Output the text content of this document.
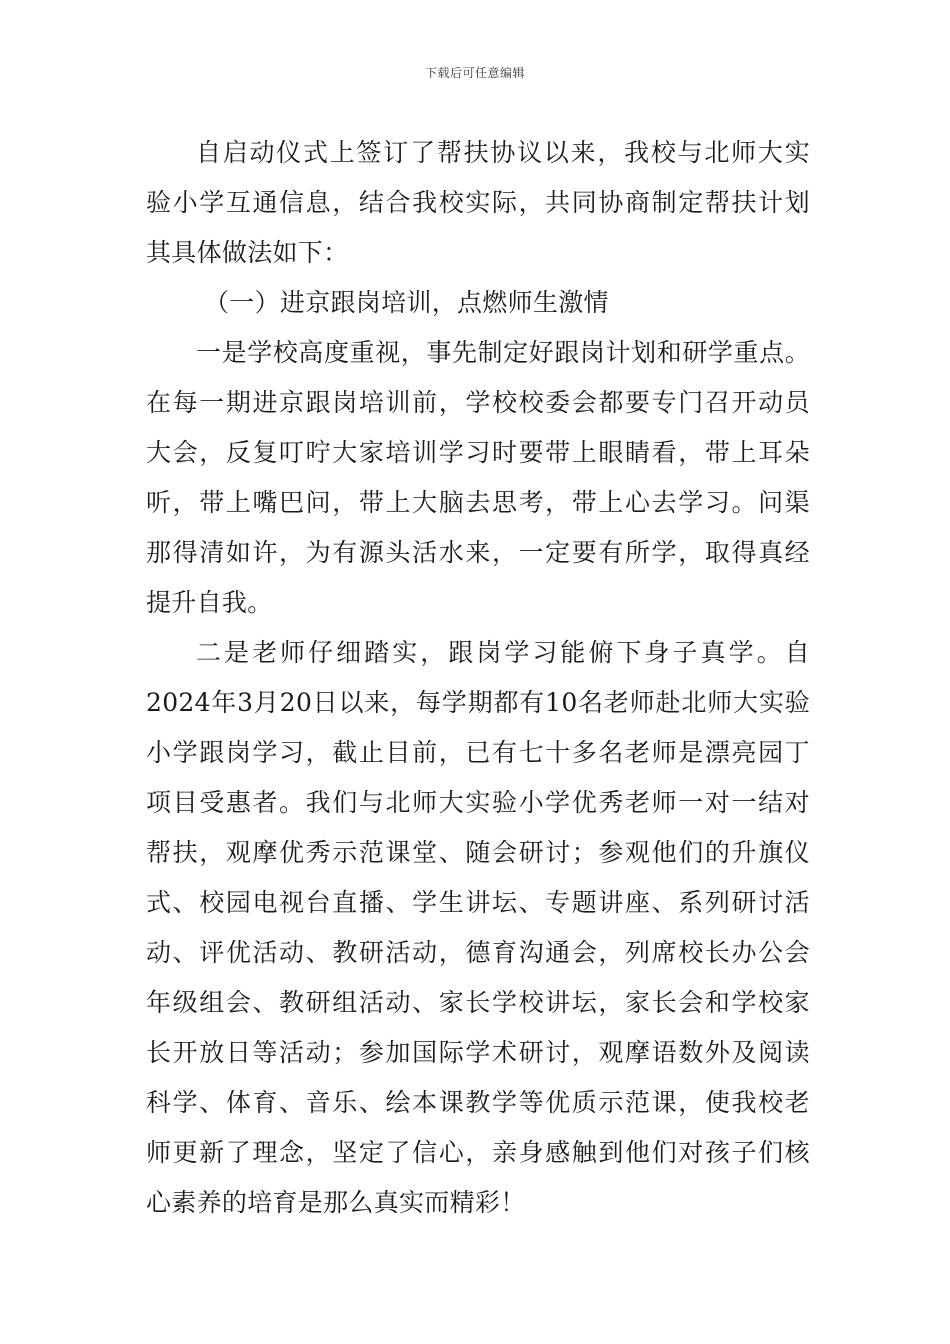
下载后可任意编辑
自启动仪式上签订了帮扶协议以来，我校与北师大实
验小学互通信息，结合我校实际，共同协商制定帮扶计划
其具体做法如下：
（一）进京跟岗培训，点燃师生激情
一是学校高度重视，事先制定好跟岗计划和研学重点。
在每一期进京跟岗培训前，学校校委会都要专门召开动员
大会，反复叮咛大家培训学习时要带上眼睛看，带上耳朵
听，带上嘴巴问，带上大脑去思考，带上心去学习。问渠
那得清如许，为有源头活水来，一定要有所学，取得真经
提升自我。
二是老师仔细踏实，跟岗学习能俯下身子真学。自
2024年3月20日以来，每学期都有10名老师赴北师大实验
小学跟岗学习，截止目前，已有七十多名老师是漂亮园丁
项目受惠者。我们与北师大实验小学优秀老师一对一结对
帮扶，观摩优秀示范课堂、随会研讨；参观他们的升旗仪
式、校园电视台直播、学生讲坛、专题讲座、系列研讨活
动、评优活动、教研活动，德育沟通会，列席校长办公会
年级组会、教研组活动、家长学校讲坛，家长会和学校家
长开放日等活动；参加国际学术研讨，观摩语数外及阅读
科学、体育、音乐、绘本课教学等优质示范课，使我校老
师更新了理念，坚定了信心，亲身感触到他们对孩子们核
心素养的培育是那么真实而精彩！
